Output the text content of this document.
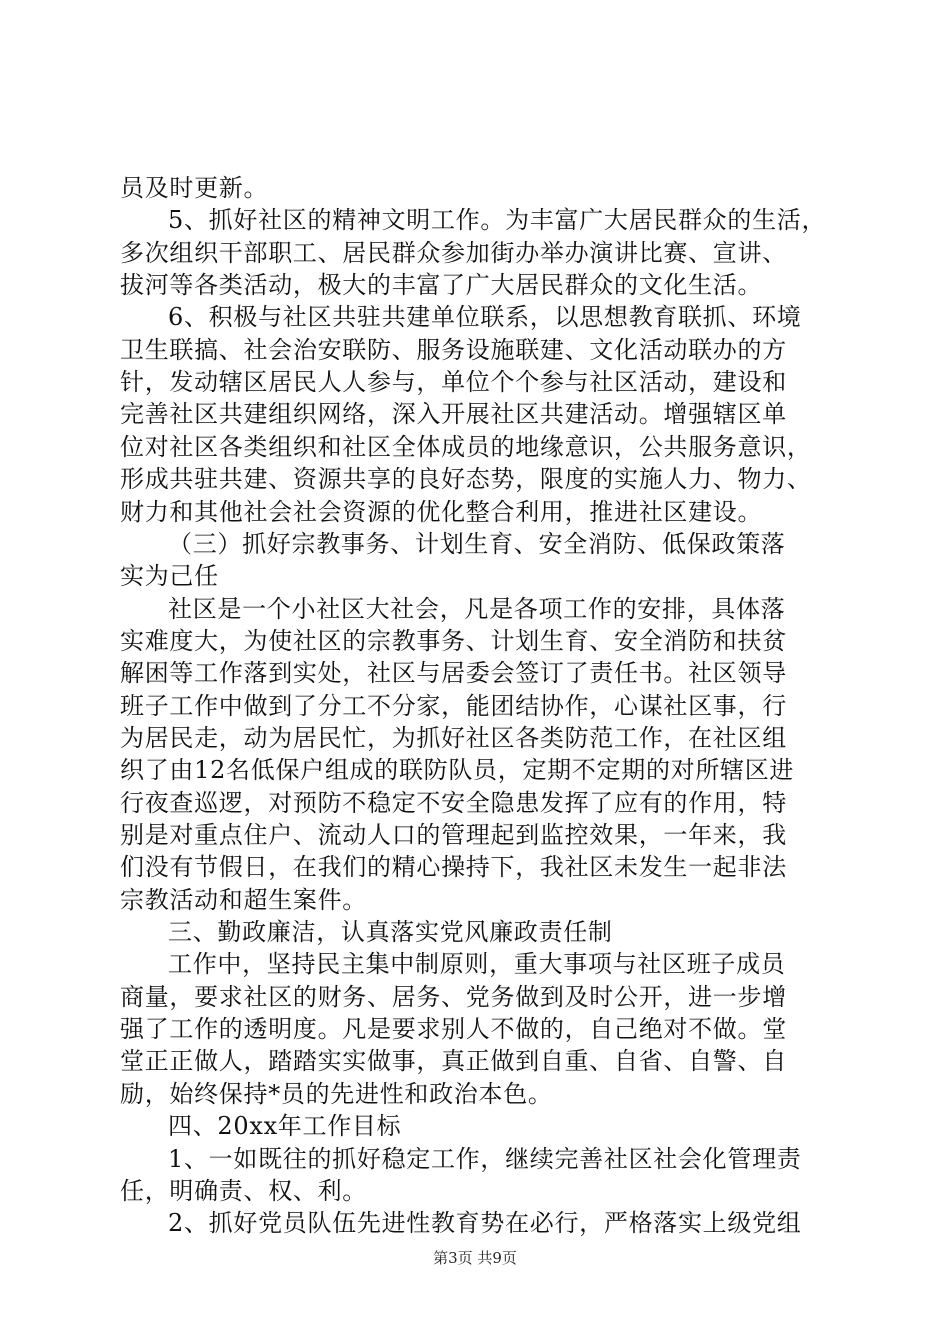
员及时更新。
5、抓好社区的精神文明工作。为丰富广大居民群众的生活，
多次组织干部职工、居民群众参加街办举办演讲比赛、宣讲、
拔河等各类活动，极大的丰富了广大居民群众的文化生活。
6、积极与社区共驻共建单位联系，以思想教育联抓、环境
卫生联搞、社会治安联防、服务设施联建、文化活动联办的方
针，发动辖区居民人人参与，单位个个参与社区活动，建设和
完善社区共建组织网络，深入开展社区共建活动。增强辖区单
位对社区各类组织和社区全体成员的地缘意识，公共服务意识，
形成共驻共建、资源共享的良好态势，限度的实施人力、物力、
财力和其他社会社会资源的优化整合利用，推进社区建设。
（三）抓好宗教事务、计划生育、安全消防、低保政策落
实为己任
社区是一个小社区大社会，凡是各项工作的安排，具体落
实难度大，为使社区的宗教事务、计划生育、安全消防和扶贫
解困等工作落到实处，社区与居委会签订了责任书。社区领导
班子工作中做到了分工不分家，能团结协作，心谋社区事，行
为居民走，动为居民忙，为抓好社区各类防范工作，在社区组
织了由12名低保户组成的联防队员，定期不定期的对所辖区进
行夜查巡逻，对预防不稳定不安全隐患发挥了应有的作用，特
别是对重点住户、流动人口的管理起到监控效果，一年来，我
们没有节假日，在我们的精心操持下，我社区未发生一起非法
宗教活动和超生案件。
三、勤政廉洁，认真落实党风廉政责任制
工作中，坚持民主集中制原则，重大事项与社区班子成员
商量，要求社区的财务、居务、党务做到及时公开，进一步增
强了工作的透明度。凡是要求别人不做的，自己绝对不做。堂
堂正正做人，踏踏实实做事，真正做到自重、自省、自警、自
励，始终保持*员的先进性和政治本色。
四、20xx年工作目标
1、一如既往的抓好稳定工作，继续完善社区社会化管理责
任，明确责、权、利。
2、抓好党员队伍先进性教育势在必行，严格落实上级党组
第3页 共9页
